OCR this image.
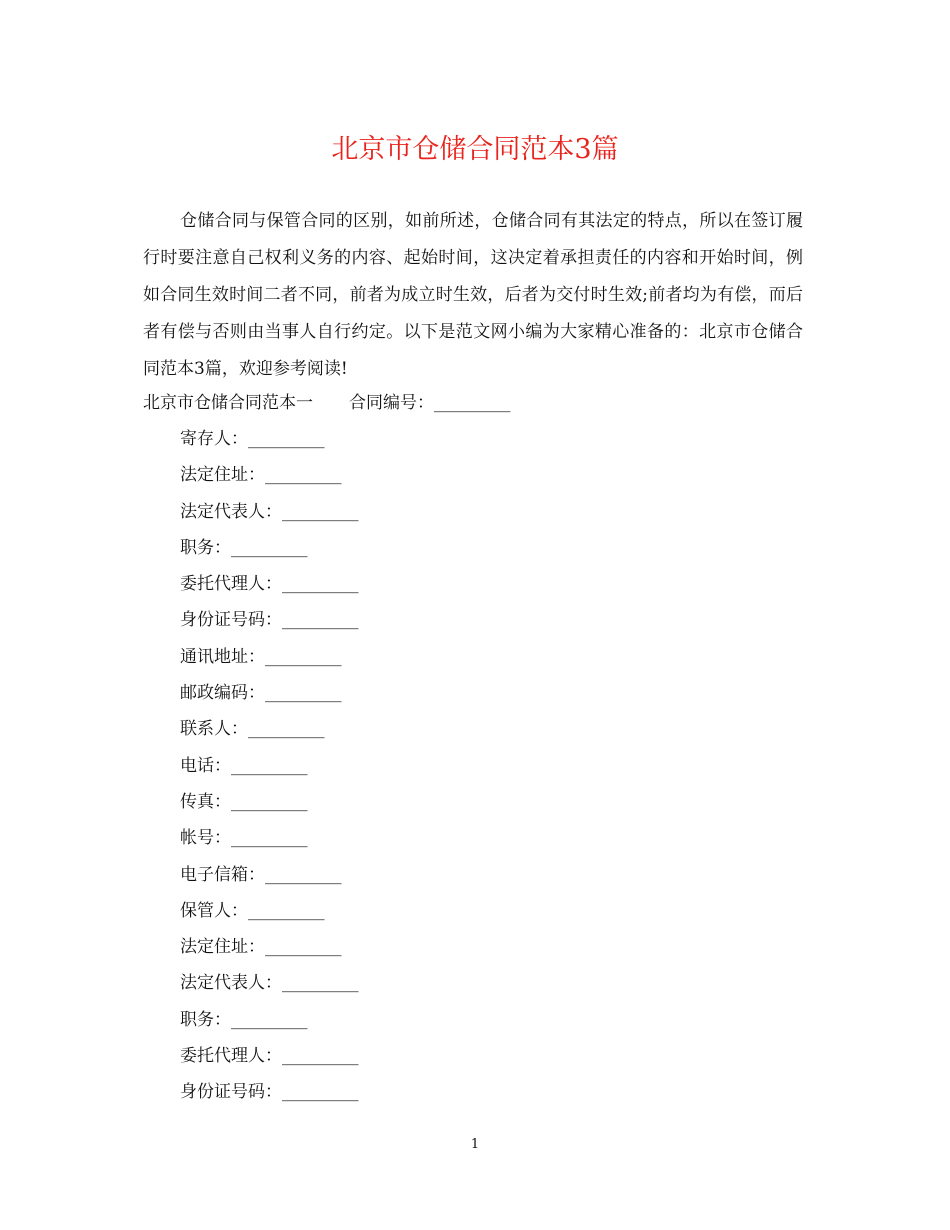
北京市仓储合同范本3篇

仓储合同与保管合同的区别，如前所述，仓储合同有其法定的特点，所以在签订履行时要注意自己权利义务的内容、起始时间，这决定着承担责任的内容和开始时间，例如合同生效时间二者不同，前者为成立时生效，后者为交付时生效;前者均为有偿，而后者有偿与否则由当事人自行约定。以下是范文网小编为大家精心准备的：北京市仓储合同范本3篇，欢迎参考阅读!

北京市仓储合同范本一 合同编号：_________
寄存人：_________
法定住址：_________
法定代表人：_________
职务：_________
委托代理人：_________
身份证号码：_________
通讯地址：_________
邮政编码：_________
联系人：_________
电话：_________
传真：_________
帐号：_________
电子信箱：_________
保管人：_________
法定住址：_________
法定代表人：_________
职务：_________
委托代理人：_________
身份证号码：_________
1
